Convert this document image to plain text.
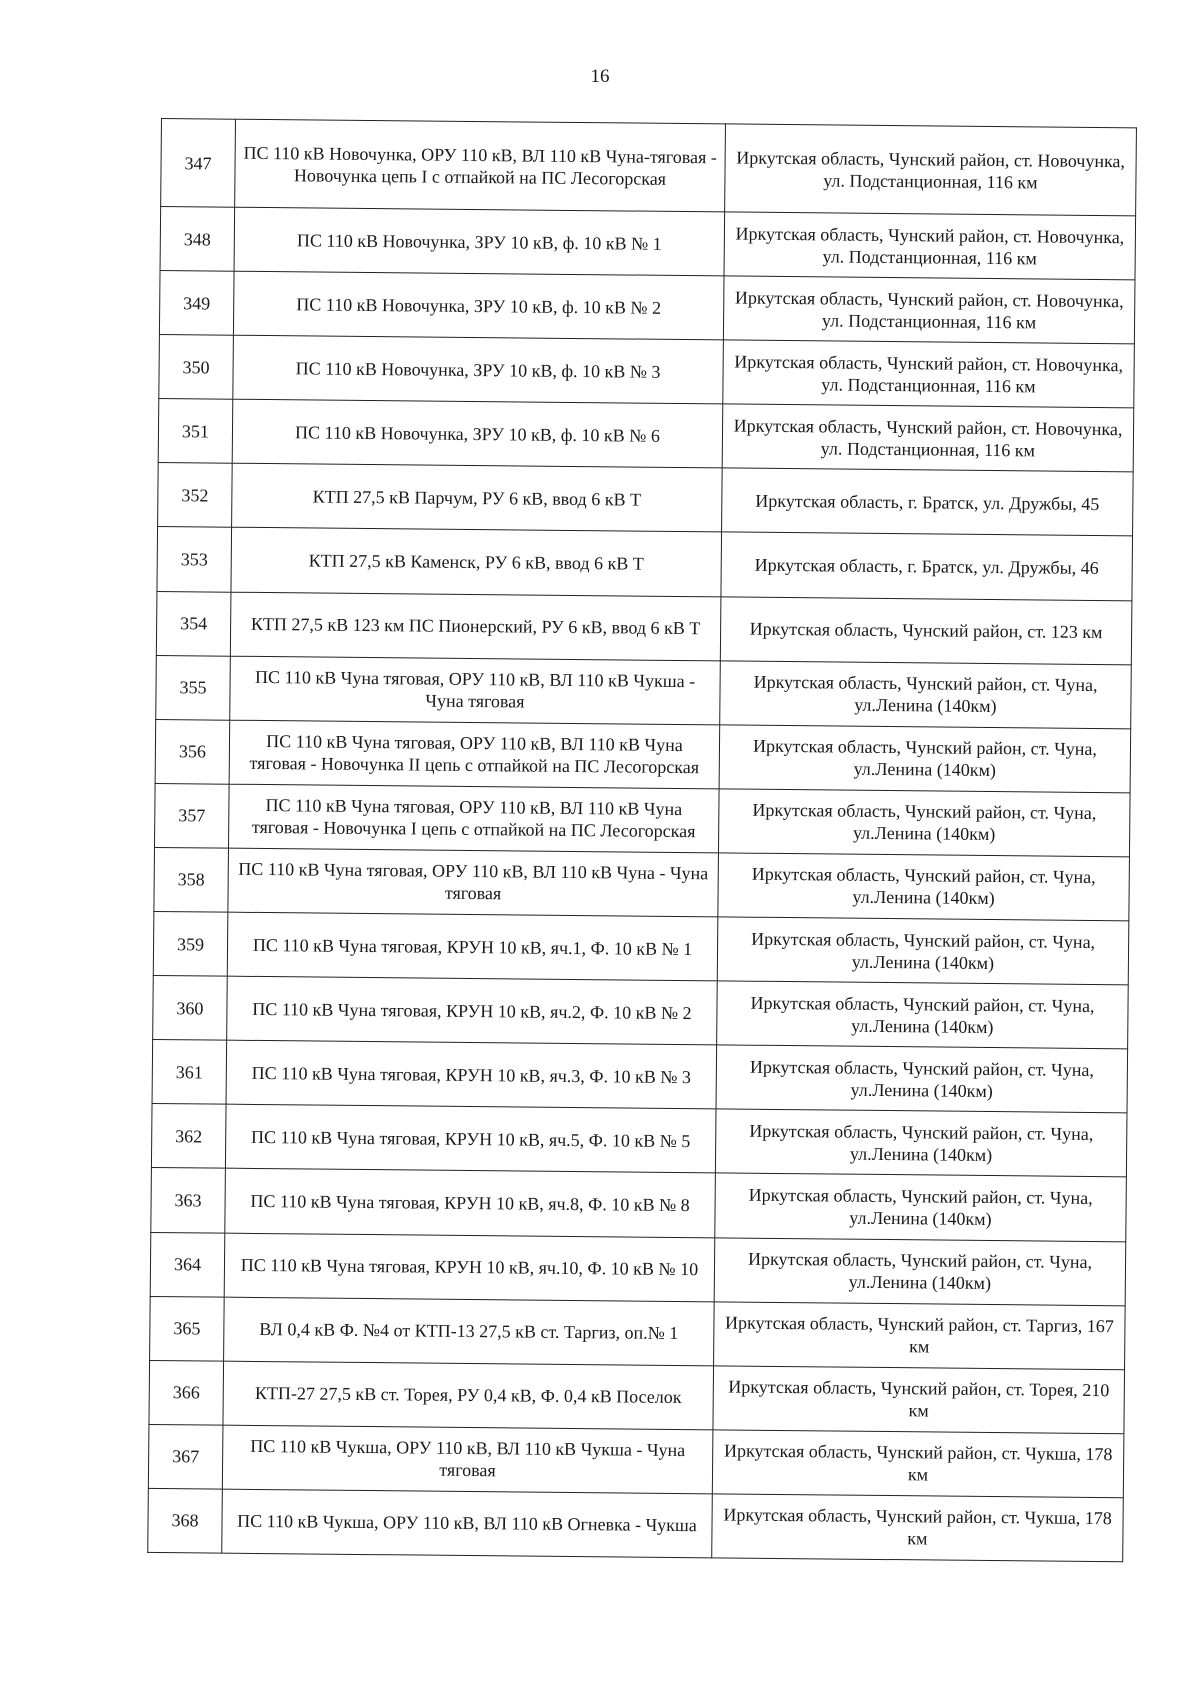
16
347	ПС 110 кВ Новочунка, ОРУ 110 кВ, ВЛ 110 кВ Чуна-тяговая - Новочунка цепь I с отпайкой на ПС Лесогорская	Иркутская область, Чунский район, ст. Новочунка, ул. Подстанционная, 116 км
348	ПС 110 кВ Новочунка, ЗРУ 10 кВ, ф. 10 кВ № 1	Иркутская область, Чунский район, ст. Новочунка, ул. Подстанционная, 116 км
349	ПС 110 кВ Новочунка, ЗРУ 10 кВ, ф. 10 кВ № 2	Иркутская область, Чунский район, ст. Новочунка, ул. Подстанционная, 116 км
350	ПС 110 кВ Новочунка, ЗРУ 10 кВ, ф. 10 кВ № 3	Иркутская область, Чунский район, ст. Новочунка, ул. Подстанционная, 116 км
351	ПС 110 кВ Новочунка, ЗРУ 10 кВ, ф. 10 кВ № 6	Иркутская область, Чунский район, ст. Новочунка, ул. Подстанционная, 116 км
352	КТП 27,5 кВ Парчум, РУ 6 кВ, ввод 6 кВ Т	Иркутская область, г. Братск, ул. Дружбы, 45
353	КТП 27,5 кВ Каменск, РУ 6 кВ, ввод 6 кВ Т	Иркутская область, г. Братск, ул. Дружбы, 46
354	КТП 27,5 кВ 123 км ПС Пионерский, РУ 6 кВ, ввод 6 кВ Т	Иркутская область, Чунский район, ст. 123 км
355	ПС 110 кВ Чуна тяговая, ОРУ 110 кВ, ВЛ 110 кВ Чукша - Чуна тяговая	Иркутская область, Чунский район, ст. Чуна, ул.Ленина (140км)
356	ПС 110 кВ Чуна тяговая, ОРУ 110 кВ, ВЛ 110 кВ Чуна тяговая - Новочунка II цепь с отпайкой на ПС Лесогорская	Иркутская область, Чунский район, ст. Чуна, ул.Ленина (140км)
357	ПС 110 кВ Чуна тяговая, ОРУ 110 кВ, ВЛ 110 кВ Чуна тяговая - Новочунка I цепь с отпайкой на ПС Лесогорская	Иркутская область, Чунский район, ст. Чуна, ул.Ленина (140км)
358	ПС 110 кВ Чуна тяговая, ОРУ 110 кВ, ВЛ 110 кВ Чуна - Чуна тяговая	Иркутская область, Чунский район, ст. Чуна, ул.Ленина (140км)
359	ПС 110 кВ Чуна тяговая, КРУН 10 кВ, яч.1, Ф. 10 кВ № 1	Иркутская область, Чунский район, ст. Чуна, ул.Ленина (140км)
360	ПС 110 кВ Чуна тяговая, КРУН 10 кВ, яч.2, Ф. 10 кВ № 2	Иркутская область, Чунский район, ст. Чуна, ул.Ленина (140км)
361	ПС 110 кВ Чуна тяговая, КРУН 10 кВ, яч.3, Ф. 10 кВ № 3	Иркутская область, Чунский район, ст. Чуна, ул.Ленина (140км)
362	ПС 110 кВ Чуна тяговая, КРУН 10 кВ, яч.5, Ф. 10 кВ № 5	Иркутская область, Чунский район, ст. Чуна, ул.Ленина (140км)
363	ПС 110 кВ Чуна тяговая, КРУН 10 кВ, яч.8, Ф. 10 кВ № 8	Иркутская область, Чунский район, ст. Чуна, ул.Ленина (140км)
364	ПС 110 кВ Чуна тяговая, КРУН 10 кВ, яч.10, Ф. 10 кВ № 10	Иркутская область, Чунский район, ст. Чуна, ул.Ленина (140км)
365	ВЛ 0,4 кВ Ф. №4 от КТП-13 27,5 кВ ст. Таргиз, оп.№ 1	Иркутская область, Чунский район, ст. Таргиз, 167 км
366	КТП-27 27,5 кВ ст. Торея, РУ 0,4 кВ, Ф. 0,4 кВ Поселок	Иркутская область, Чунский район, ст. Торея, 210 км
367	ПС 110 кВ Чукша, ОРУ 110 кВ, ВЛ 110 кВ Чукша - Чуна тяговая	Иркутская область, Чунский район, ст. Чукша, 178 км
368	ПС 110 кВ Чукша, ОРУ 110 кВ, ВЛ 110 кВ Огневка - Чукша	Иркутская область, Чунский район, ст. Чукша, 178 км
